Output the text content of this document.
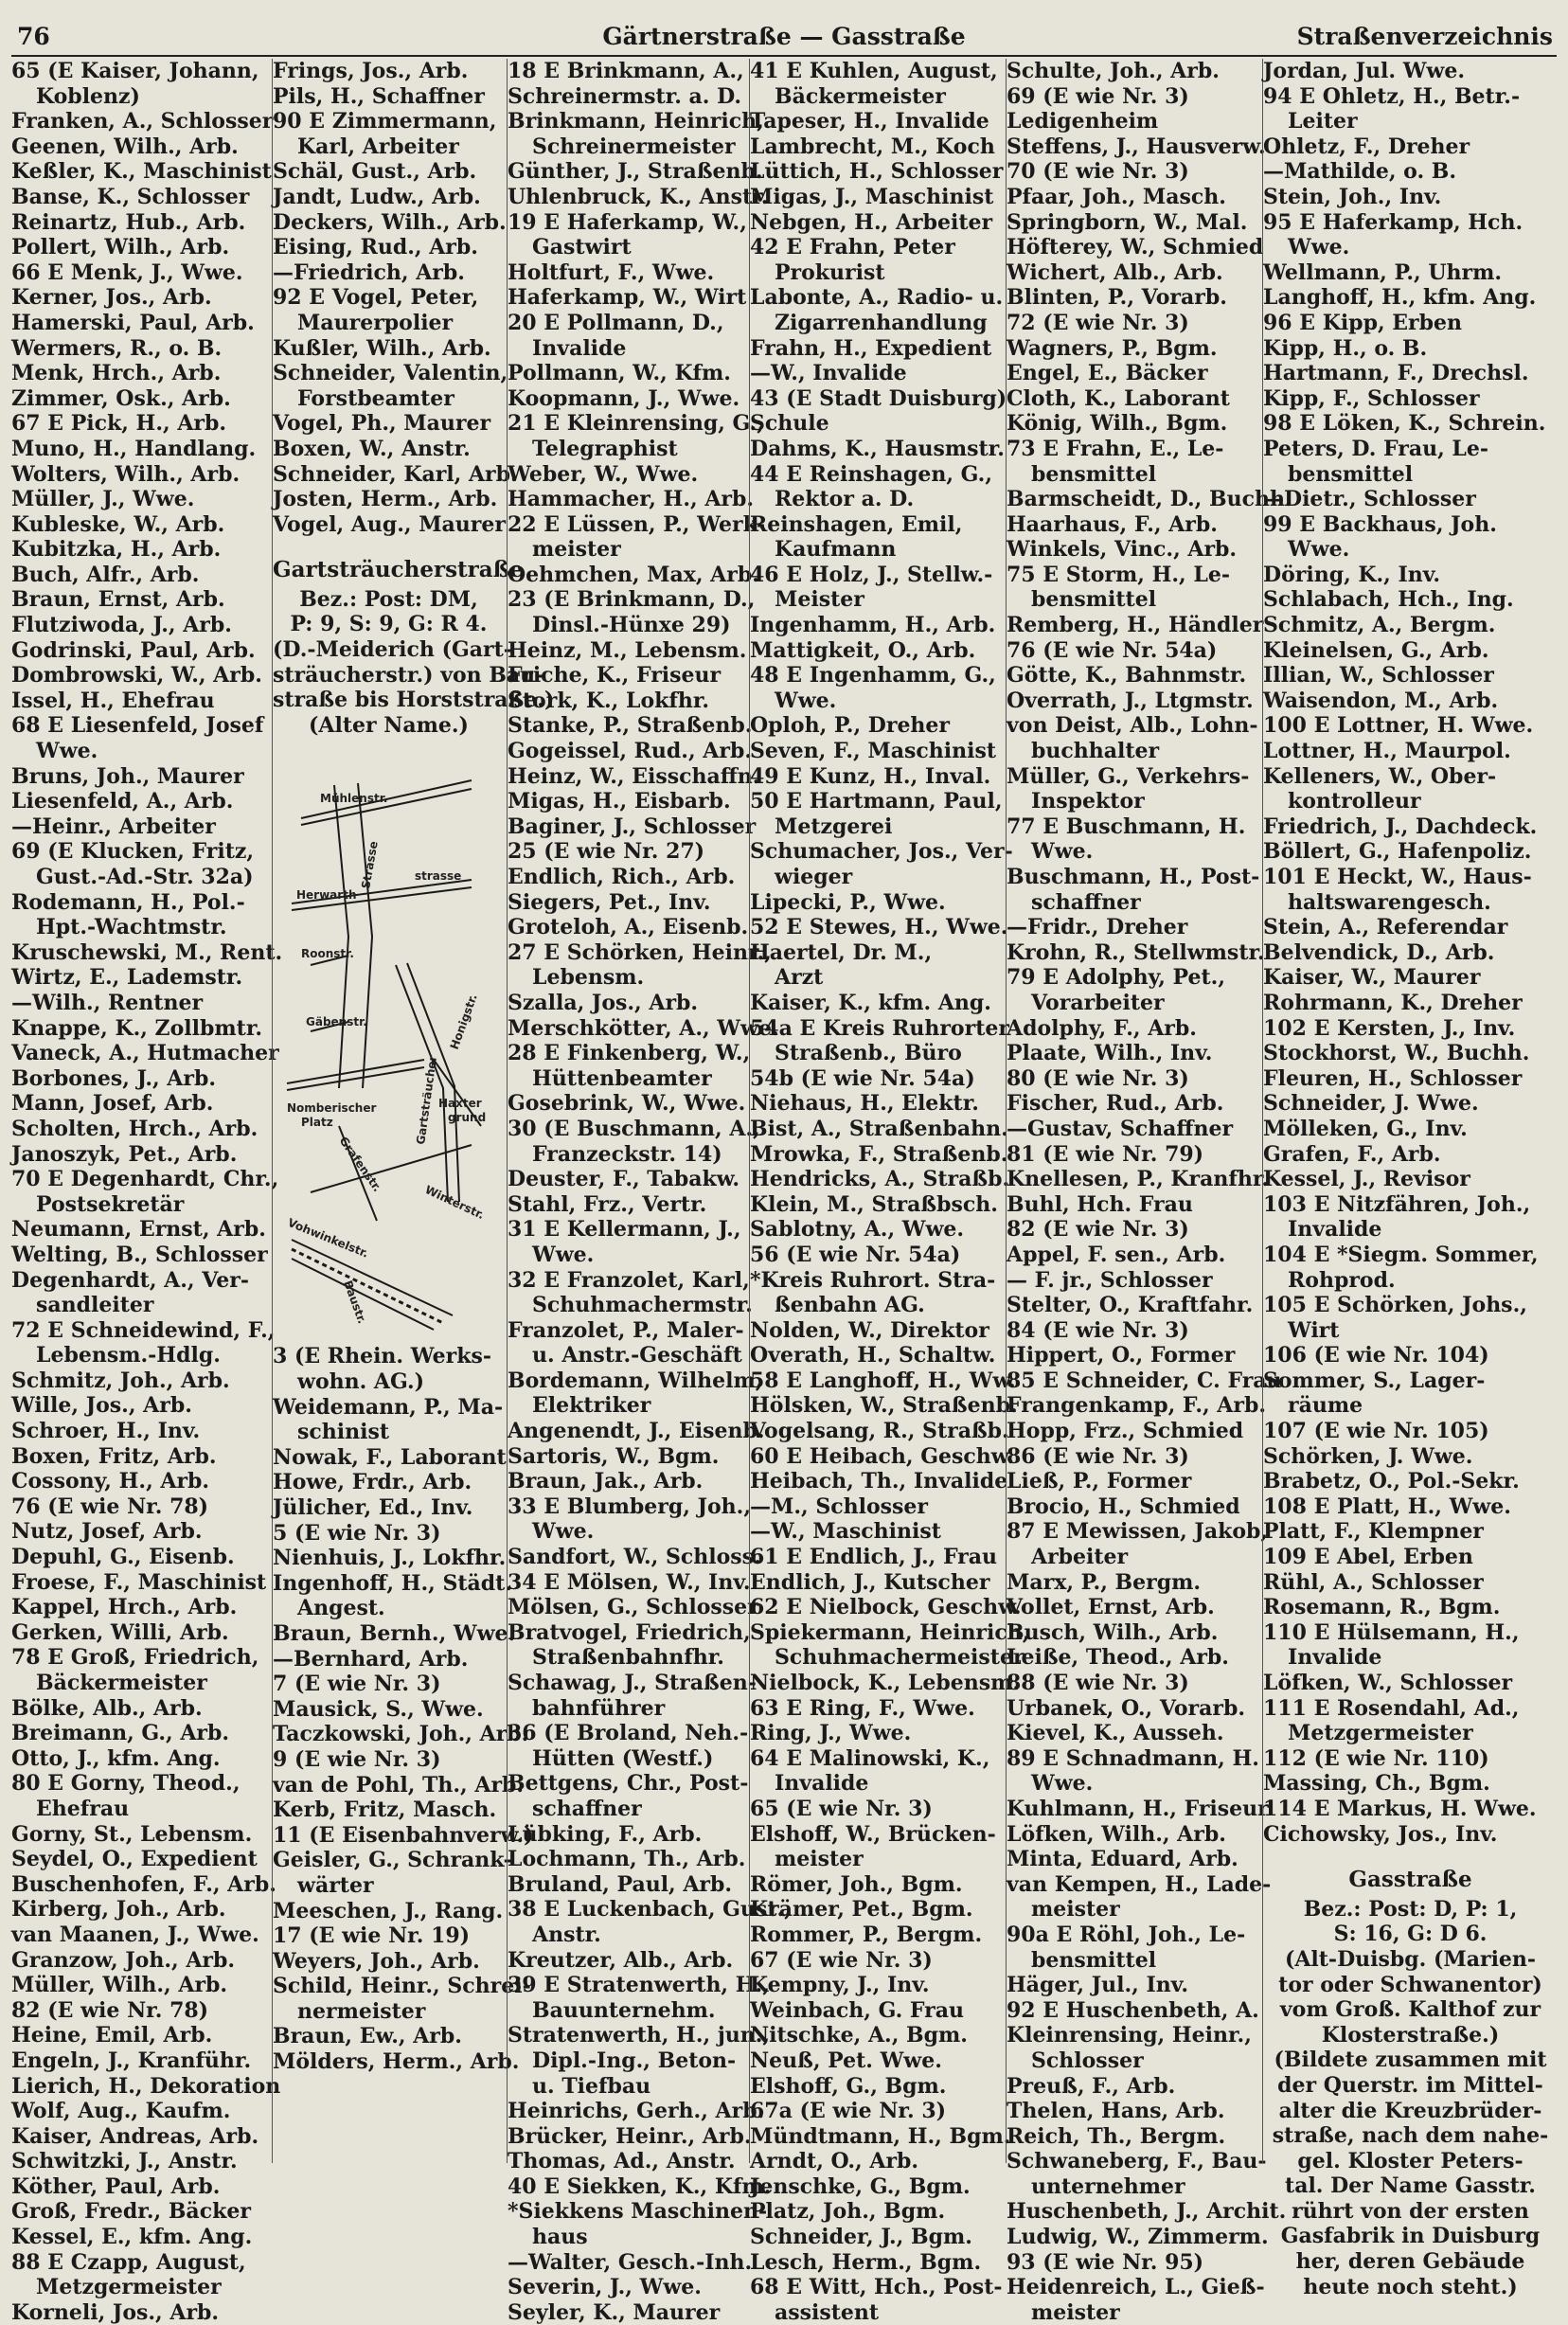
76	Gärtnerstraße — Gasstraße	Straßenverzeichnis
65 (E Kaiser, Johann,
Koblenz)
Franken, A., Schlosser
Geenen, Wilh., Arb.
Keßler, K., Maschinist
Banse, K., Schlosser
Reinartz, Hub., Arb.
Pollert, Wilh., Arb.
66 E Menk, J., Wwe.
Kerner, Jos., Arb.
Hamerski, Paul, Arb.
Wermers, R., o. B.
Menk, Hrch., Arb.
Zimmer, Osk., Arb.
67 E Pick, H., Arb.
Muno, H., Handlang.
Wolters, Wilh., Arb.
Müller, J., Wwe.
Kubleske, W., Arb.
Kubitzka, H., Arb.
Buch, Alfr., Arb.
Braun, Ernst, Arb.
Flutziwoda, J., Arb.
Godrinski, Paul, Arb.
Dombrowski, W., Arb.
Issel, H., Ehefrau
68 E Liesenfeld, Josef
Wwe.
Bruns, Joh., Maurer
Liesenfeld, A., Arb.
—Heinr., Arbeiter
69 (E Klucken, Fritz,
Gust.-Ad.-Str. 32a)
Rodemann, H., Pol.-
Hpt.-Wachtmstr.
Kruschewski, M., Rent.
Wirtz, E., Lademstr.
—Wilh., Rentner
Knappe, K., Zollbmtr.
Vaneck, A., Hutmacher
Borbones, J., Arb.
Mann, Josef, Arb.
Scholten, Hrch., Arb.
Janoszyk, Pet., Arb.
70 E Degenhardt, Chr.,
Postsekretär
Neumann, Ernst, Arb.
Welting, B., Schlosser
Degenhardt, A., Ver-
sandleiter
72 E Schneidewind, F.,
Lebensm.-Hdlg.
Schmitz, Joh., Arb.
Wille, Jos., Arb.
Schroer, H., Inv.
Boxen, Fritz, Arb.
Cossony, H., Arb.
76 (E wie Nr. 78)
Nutz, Josef, Arb.
Depuhl, G., Eisenb.
Froese, F., Maschinist
Kappel, Hrch., Arb.
Gerken, Willi, Arb.
78 E Groß, Friedrich,
Bäckermeister
Bölke, Alb., Arb.
Breimann, G., Arb.
Otto, J., kfm. Ang.
80 E Gorny, Theod.,
Ehefrau
Gorny, St., Lebensm.
Seydel, O., Expedient
Buschenhofen, F., Arb.
Kirberg, Joh., Arb.
van Maanen, J., Wwe.
Granzow, Joh., Arb.
Müller, Wilh., Arb.
82 (E wie Nr. 78)
Heine, Emil, Arb.
Engeln, J., Kranführ.
Lierich, H., Dekoration
Wolf, Aug., Kaufm.
Kaiser, Andreas, Arb.
Schwitzki, J., Anstr.
Köther, Paul, Arb.
Groß, Fredr., Bäcker
Kessel, E., kfm. Ang.
88 E Czapp, August,
Metzgermeister
Korneli, Jos., Arb.
Frings, Jos., Arb.
Pils, H., Schaffner
90 E Zimmermann,
Karl, Arbeiter
Schäl, Gust., Arb.
Jandt, Ludw., Arb.
Deckers, Wilh., Arb.
Eising, Rud., Arb.
—Friedrich, Arb.
92 E Vogel, Peter,
Maurerpolier
Kußler, Wilh., Arb.
Schneider, Valentin,
Forstbeamter
Vogel, Ph., Maurer
Boxen, W., Anstr.
Schneider, Karl, Arb.
Josten, Herm., Arb.
Vogel, Aug., Maurer
Gartsträucherstraße
Bez.: Post: DM,
P: 9, S: 9, G: R 4.
(D.-Meiderich (Gart-
sträucherstr.) von Bau-
straße bis Horststraße.)
(Alter Name.)
Mühlenstr.
Herwarth
strasse
Strasse
Roonstr.
Gäbenstr.
Nomberischer
Platz	Gartsträucher
Honigstr.
Haxter
grund
Grafenstr.
Winterstr.
Vohwinkelstr.
Baustr.
3 (E Rhein. Werks-
wohn. AG.)
Weidemann, P., Ma-
schinist
Nowak, F., Laborant
Howe, Frdr., Arb.
Jülicher, Ed., Inv.
5 (E wie Nr. 3)
Nienhuis, J., Lokfhr.
Ingenhoff, H., Städt.
Angest.
Braun, Bernh., Wwe.
—Bernhard, Arb.
7 (E wie Nr. 3)
Mausick, S., Wwe.
Taczkowski, Joh., Arb.
9 (E wie Nr. 3)
van de Pohl, Th., Arb.
Kerb, Fritz, Masch.
11 (E Eisenbahnverw.)
Geisler, G., Schrank-
wärter
Meeschen, J., Rang.
17 (E wie Nr. 19)
Weyers, Joh., Arb.
Schild, Heinr., Schrei-
nermeister
Braun, Ew., Arb.
Mölders, Herm., Arb.
18 E Brinkmann, A.,
Schreinermstr. a. D.
Brinkmann, Heinrich,
Schreinermeister
Günther, J., Straßenb.
Uhlenbruck, K., Anstr.
19 E Haferkamp, W.,
Gastwirt
Holtfurt, F., Wwe.
Haferkamp, W., Wirt
20 E Pollmann, D.,
Invalide
Pollmann, W., Kfm.
Koopmann, J., Wwe.
21 E Kleinrensing, G.,
Telegraphist
Weber, W., Wwe.
Hammacher, H., Arb.
22 E Lüssen, P., Werk-
meister
Oehmchen, Max, Arb.
23 (E Brinkmann, D.,
Dinsl.-Hünxe 29)
Heinz, M., Lebensm.
Friche, K., Friseur
Stork, K., Lokfhr.
Stanke, P., Straßenb.
Gogeissel, Rud., Arb.
Heinz, W., Eisschaffn.
Migas, H., Eisbarb.
Baginer, J., Schlosser
25 (E wie Nr. 27)
Endlich, Rich., Arb.
Siegers, Pet., Inv.
Groteloh, A., Eisenb.
27 E Schörken, Heinr.,
Lebensm.
Szalla, Jos., Arb.
Merschkötter, A., Wwe.
28 E Finkenberg, W.,
Hüttenbeamter
Gosebrink, W., Wwe.
30 (E Buschmann, A.,
Franzeckstr. 14)
Deuster, F., Tabakw.
Stahl, Frz., Vertr.
31 E Kellermann, J.,
Wwe.
32 E Franzolet, Karl,
Schuhmachermstr.
Franzolet, P., Maler-
u. Anstr.-Geschäft
Bordemann, Wilhelm,
Elektriker
Angenendt, J., Eisenb.
Sartoris, W., Bgm.
Braun, Jak., Arb.
33 E Blumberg, Joh.,
Wwe.
Sandfort, W., Schloss.
34 E Mölsen, W., Inv.
Mölsen, G., Schlosser
Bratvogel, Friedrich,
Straßenbahnfhr.
Schawag, J., Straßen-
bahnführer
36 (E Broland, Neh.-
Hütten (Westf.)
Bettgens, Chr., Post-
schaffner
Lübking, F., Arb.
Lochmann, Th., Arb.
Bruland, Paul, Arb.
38 E Luckenbach, Gust.,
Anstr.
Kreutzer, Alb., Arb.
39 E Stratenwerth, H.,
Bauunternehm.
Stratenwerth, H., jun.,
Dipl.-Ing., Beton-
u. Tiefbau
Heinrichs, Gerh., Arb.
Brücker, Heinr., Arb.
Thomas, Ad., Anstr.
40 E Siekken, K., Kfm.
*Siekkens Maschinen-
haus
—Walter, Gesch.-Inh.
Severin, J., Wwe.
Seyler, K., Maurer
41 E Kuhlen, August,
Bäckermeister
Tapeser, H., Invalide
Lambrecht, M., Koch
Lüttich, H., Schlosser
Migas, J., Maschinist
Nebgen, H., Arbeiter
42 E Frahn, Peter
Prokurist
Labonte, A., Radio- u.
Zigarrenhandlung
Frahn, H., Expedient
—W., Invalide
43 (E Stadt Duisburg)
Schule
Dahms, K., Hausmstr.
44 E Reinshagen, G.,
Rektor a. D.
Reinshagen, Emil,
Kaufmann
46 E Holz, J., Stellw.-
Meister
Ingenhamm, H., Arb.
Mattigkeit, O., Arb.
48 E Ingenhamm, G.,
Wwe.
Oploh, P., Dreher
Seven, F., Maschinist
49 E Kunz, H., Inval.
50 E Hartmann, Paul,
Metzgerei
Schumacher, Jos., Ver-
wieger
Lipecki, P., Wwe.
52 E Stewes, H., Wwe.
Haertel, Dr. M.,
Arzt
Kaiser, K., kfm. Ang.
54a E Kreis Ruhrorter
Straßenb., Büro
54b (E wie Nr. 54a)
Niehaus, H., Elektr.
Bist, A., Straßenbahn.
Mrowka, F., Straßenb.
Hendricks, A., Straßb.
Klein, M., Straßbsch.
Sablotny, A., Wwe.
56 (E wie Nr. 54a)
*Kreis Ruhrort. Stra-
ßenbahn AG.
Nolden, W., Direktor
Overath, H., Schaltw.
58 E Langhoff, H., Ww.
Hölsken, W., Straßenb.
Vogelsang, R., Straßb.
60 E Heibach, Geschw.
Heibach, Th., Invalide
—M., Schlosser
—W., Maschinist
61 E Endlich, J., Frau
Endlich, J., Kutscher
62 E Nielbock, Geschw.
Spiekermann, Heinrich,
Schuhmachermeister
Nielbock, K., Lebensm.
63 E Ring, F., Wwe.
Ring, J., Wwe.
64 E Malinowski, K.,
Invalide
65 (E wie Nr. 3)
Elshoff, W., Brücken-
meister
Römer, Joh., Bgm.
Krämer, Pet., Bgm.
Rommer, P., Bergm.
67 (E wie Nr. 3)
Kempny, J., Inv.
Weinbach, G. Frau
Nitschke, A., Bgm.
Neuß, Pet. Wwe.
Elshoff, G., Bgm.
67a (E wie Nr. 3)
Mündtmann, H., Bgm.
Arndt, O., Arb.
Jenschke, G., Bgm.
Platz, Joh., Bgm.
Schneider, J., Bgm.
Lesch, Herm., Bgm.
68 E Witt, Hch., Post-
assistent
Schulte, Joh., Arb.
69 (E wie Nr. 3)
Ledigenheim
Steffens, J., Hausverw.
70 (E wie Nr. 3)
Pfaar, Joh., Masch.
Springborn, W., Mal.
Höfterey, W., Schmied
Wichert, Alb., Arb.
Blinten, P., Vorarb.
72 (E wie Nr. 3)
Wagners, P., Bgm.
Engel, E., Bäcker
Cloth, K., Laborant
König, Wilh., Bgm.
73 E Frahn, E., Le-
bensmittel
Barmscheidt, D., Buchh.
Haarhaus, F., Arb.
Winkels, Vinc., Arb.
75 E Storm, H., Le-
bensmittel
Remberg, H., Händler
76 (E wie Nr. 54a)
Götte, K., Bahnmstr.
Overrath, J., Ltgmstr.
von Deist, Alb., Lohn-
buchhalter
Müller, G., Verkehrs-
Inspektor
77 E Buschmann, H.
Wwe.
Buschmann, H., Post-
schaffner
—Fridr., Dreher
Krohn, R., Stellwmstr.
79 E Adolphy, Pet.,
Vorarbeiter
Adolphy, F., Arb.
Plaate, Wilh., Inv.
80 (E wie Nr. 3)
Fischer, Rud., Arb.
—Gustav, Schaffner
81 (E wie Nr. 79)
Knellesen, P., Kranfhr.
Buhl, Hch. Frau
82 (E wie Nr. 3)
Appel, F. sen., Arb.
— F. jr., Schlosser
Stelter, O., Kraftfahr.
84 (E wie Nr. 3)
Hippert, O., Former
85 E Schneider, C. Frau
Frangenkamp, F., Arb.
Hopp, Frz., Schmied
86 (E wie Nr. 3)
Ließ, P., Former
Brocio, H., Schmied
87 E Mewissen, Jakob,
Arbeiter
Marx, P., Bergm.
Vollet, Ernst, Arb.
Busch, Wilh., Arb.
Leiße, Theod., Arb.
88 (E wie Nr. 3)
Urbanek, O., Vorarb.
Kievel, K., Ausseh.
89 E Schnadmann, H.
Wwe.
Kuhlmann, H., Friseur
Löfken, Wilh., Arb.
Minta, Eduard, Arb.
van Kempen, H., Lade-
meister
90a E Röhl, Joh., Le-
bensmittel
Häger, Jul., Inv.
92 E Huschenbeth, A.
Kleinrensing, Heinr.,
Schlosser
Preuß, F., Arb.
Thelen, Hans, Arb.
Reich, Th., Bergm.
Schwaneberg, F., Bau-
unternehmer
Huschenbeth, J., Archit.
Ludwig, W., Zimmerm.
93 (E wie Nr. 95)
Heidenreich, L., Gieß-
meister
Jordan, Jul. Wwe.
94 E Ohletz, H., Betr.-
Leiter
Ohletz, F., Dreher
—Mathilde, o. B.
Stein, Joh., Inv.
95 E Haferkamp, Hch.
Wwe.
Wellmann, P., Uhrm.
Langhoff, H., kfm. Ang.
96 E Kipp, Erben
Kipp, H., o. B.
Hartmann, F., Drechsl.
Kipp, F., Schlosser
98 E Löken, K., Schrein.
Peters, D. Frau, Le-
bensmittel
—Dietr., Schlosser
99 E Backhaus, Joh.
Wwe.
Döring, K., Inv.
Schlabach, Hch., Ing.
Schmitz, A., Bergm.
Kleinelsen, G., Arb.
Illian, W., Schlosser
Waisendon, M., Arb.
100 E Lottner, H. Wwe.
Lottner, H., Maurpol.
Kelleners, W., Ober-
kontrolleur
Friedrich, J., Dachdeck.
Böllert, G., Hafenpoliz.
101 E Heckt, W., Haus-
haltswarengesch.
Stein, A., Referendar
Belvendick, D., Arb.
Kaiser, W., Maurer
Rohrmann, K., Dreher
102 E Kersten, J., Inv.
Stockhorst, W., Buchh.
Fleuren, H., Schlosser
Schneider, J. Wwe.
Mölleken, G., Inv.
Grafen, F., Arb.
Kessel, J., Revisor
103 E Nitzfähren, Joh.,
Invalide
104 E *Siegm. Sommer,
Rohprod.
105 E Schörken, Johs.,
Wirt
106 (E wie Nr. 104)
Sommer, S., Lager-
räume
107 (E wie Nr. 105)
Schörken, J. Wwe.
Brabetz, O., Pol.-Sekr.
108 E Platt, H., Wwe.
Platt, F., Klempner
109 E Abel, Erben
Rühl, A., Schlosser
Rosemann, R., Bgm.
110 E Hülsemann, H.,
Invalide
Löfken, W., Schlosser
111 E Rosendahl, Ad.,
Metzgermeister
112 (E wie Nr. 110)
Massing, Ch., Bgm.
114 E Markus, H. Wwe.
Cichowsky, Jos., Inv.
Gasstraße
Bez.: Post: D, P: 1,
S: 16, G: D 6.
(Alt-Duisbg. (Marien-
tor oder Schwanentor)
vom Groß. Kalthof zur
Klosterstraße.)
(Bildete zusammen mit
der Querstr. im Mittel-
alter die Kreuzbrüder-
straße, nach dem nahe-
gel. Kloster Peters-
tal. Der Name Gasstr.
rührt von der ersten
Gasfabrik in Duisburg
her, deren Gebäude
heute noch steht.)
